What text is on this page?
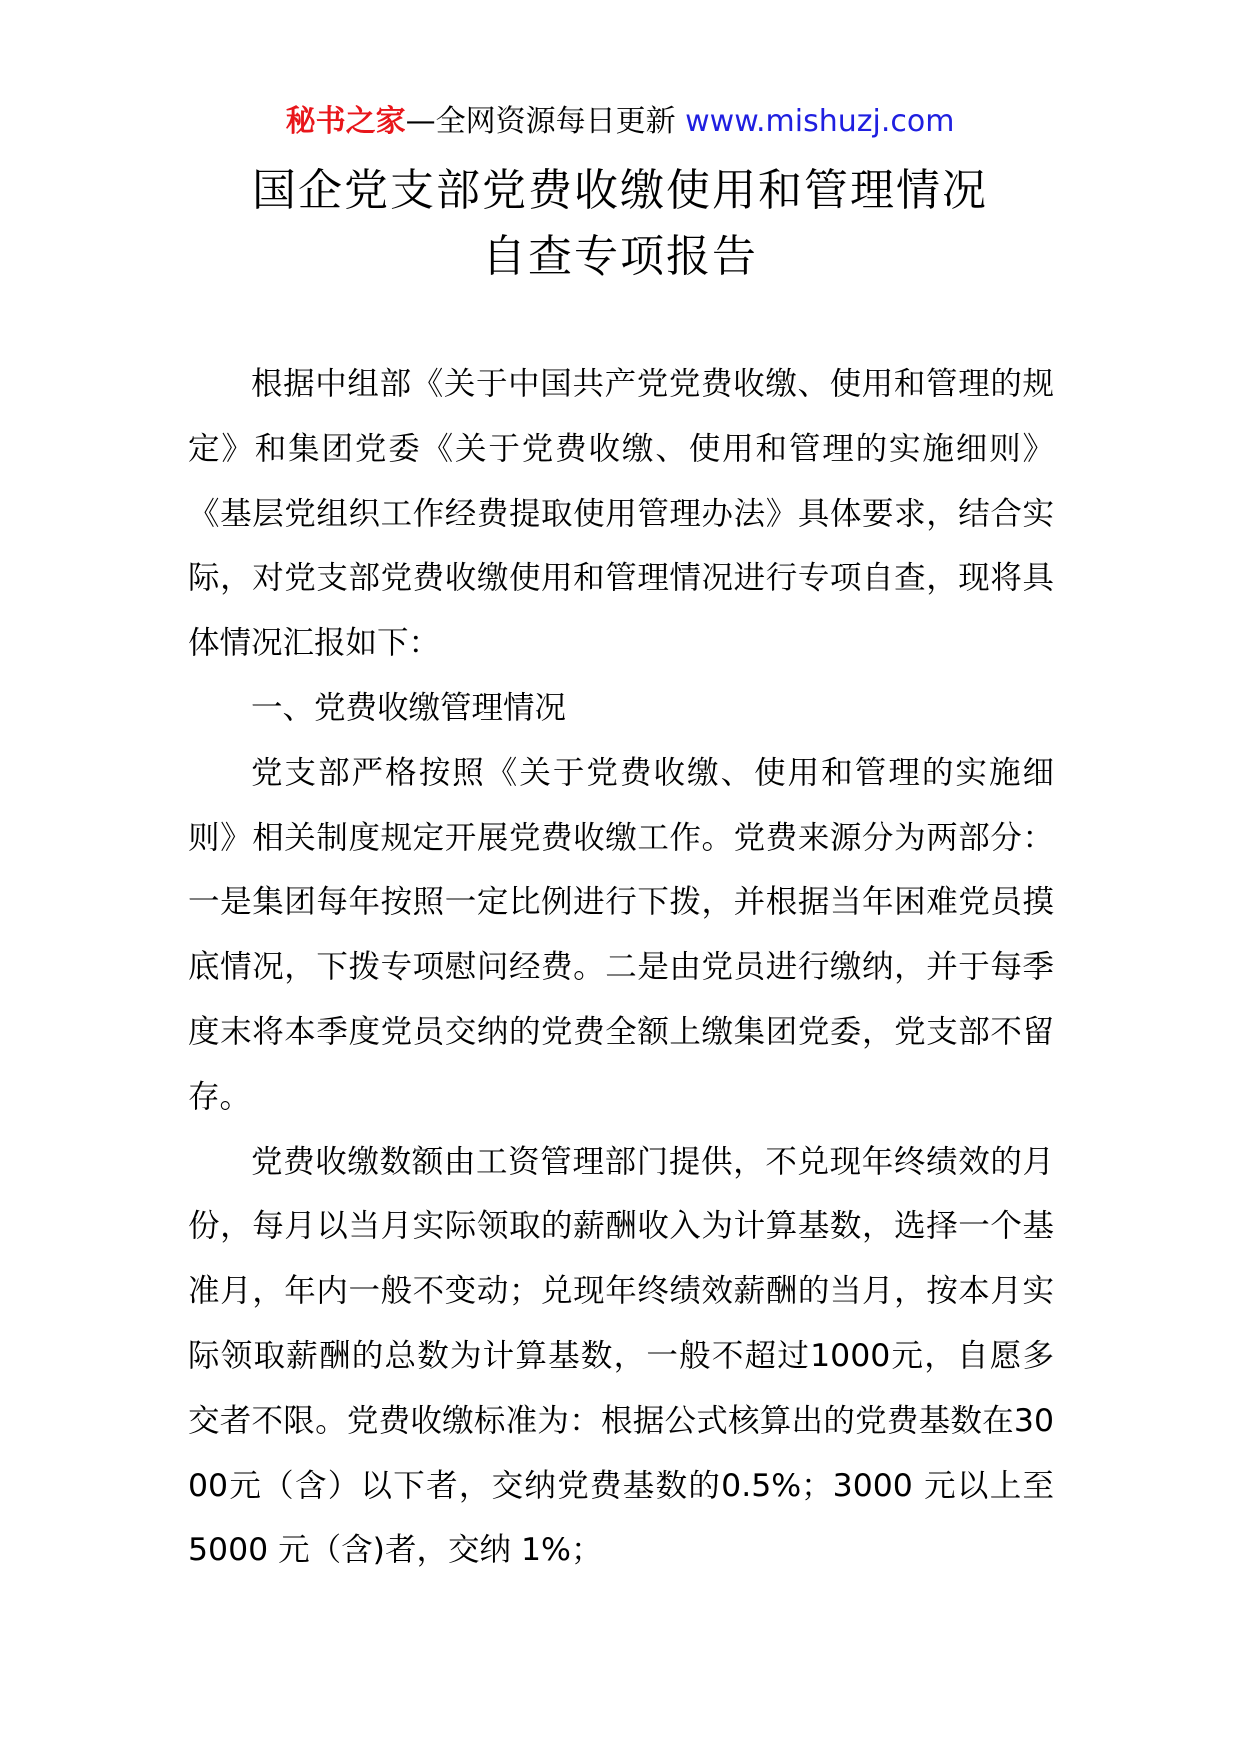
秘书之家—全网资源每日更新 www.mishuzj.com
国企党支部党费收缴使用和管理情况
自查专项报告

根据中组部《关于中国共产党党费收缴、使用和管理的规定》和集团党委《关于党费收缴、使用和管理的实施细则》《基层党组织工作经费提取使用管理办法》具体要求，结合实际，对党支部党费收缴使用和管理情况进行专项自查，现将具体情况汇报如下：

一、党费收缴管理情况

党支部严格按照《关于党费收缴、使用和管理的实施细则》相关制度规定开展党费收缴工作。党费来源分为两部分：一是集团每年按照一定比例进行下拨，并根据当年困难党员摸底情况，下拨专项慰问经费。二是由党员进行缴纳，并于每季度末将本季度党员交纳的党费全额上缴集团党委，党支部不留存。

党费收缴数额由工资管理部门提供，不兑现年终绩效的月份，每月以当月实际领取的薪酬收入为计算基数，选择一个基准月，年内一般不变动；兑现年终绩效薪酬的当月，按本月实际领取薪酬的总数为计算基数，一般不超过1000元，自愿多交者不限。党费收缴标准为：根据公式核算出的党费基数在3000元（含）以下者，交纳党费基数的0.5%；3000 元以上至 5000 元（含)者，交纳 1%；
